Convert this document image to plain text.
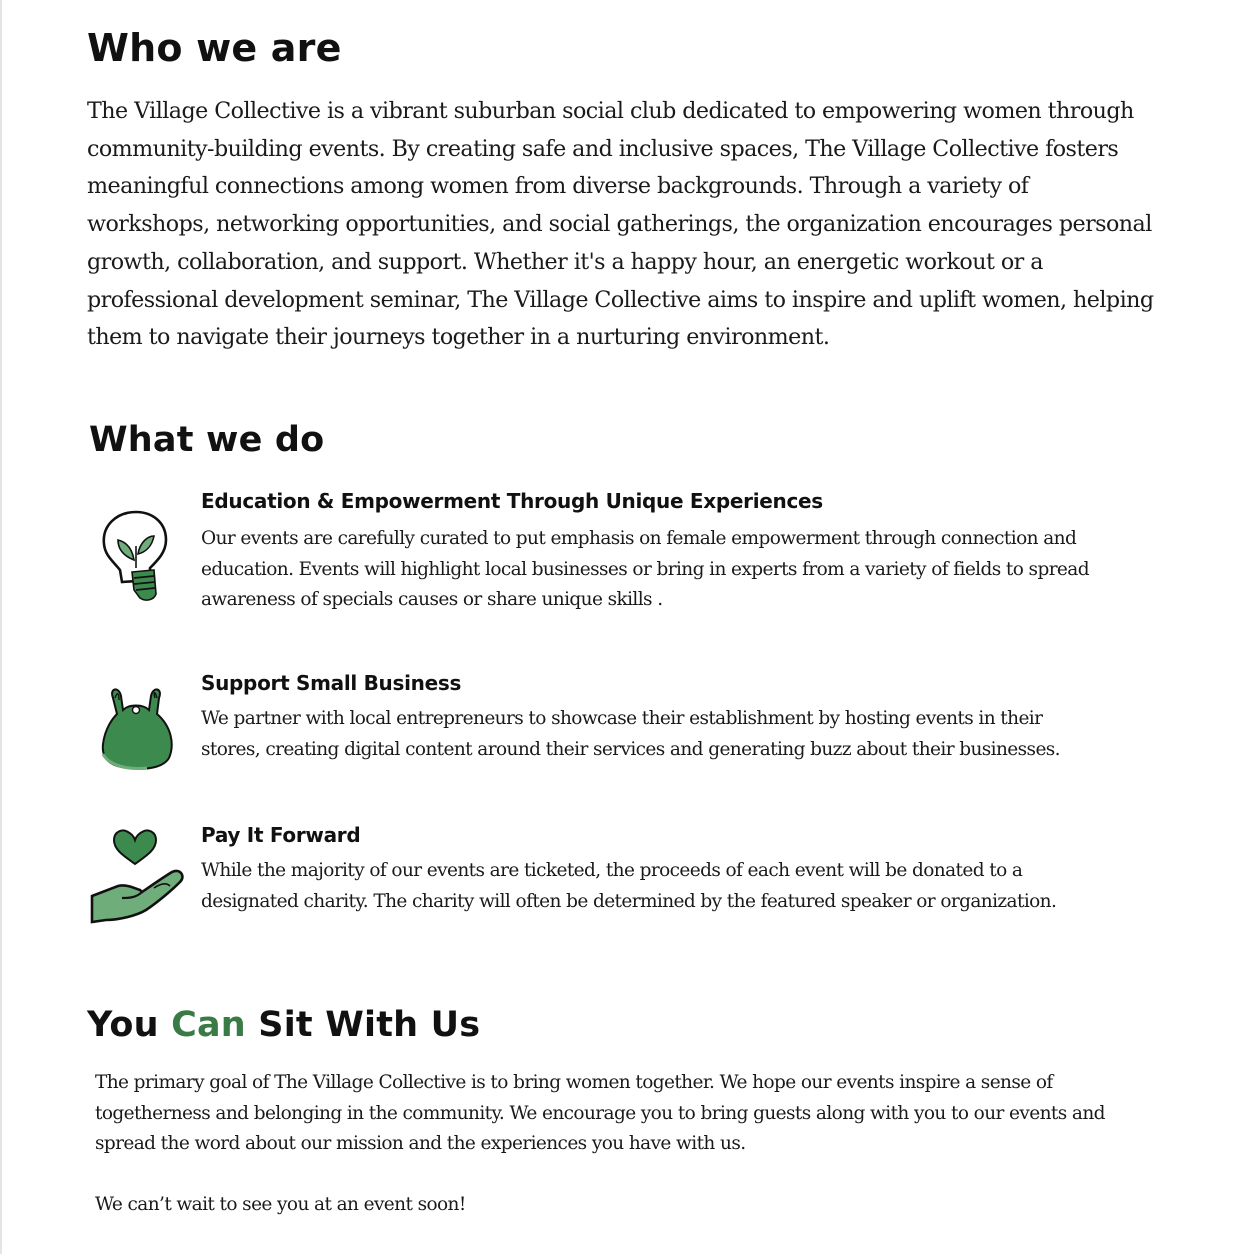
Who we are

The Village Collective is a vibrant suburban social club dedicated to empowering women through community-building events. By creating safe and inclusive spaces, The Village Collective fosters meaningful connections among women from diverse backgrounds. Through a variety of workshops, networking opportunities, and social gatherings, the organization encourages personal growth, collaboration, and support. Whether it's a happy hour, an energetic workout or a professional development seminar, The Village Collective aims to inspire and uplift women, helping them to navigate their journeys together in a nurturing environment.

What we do
Education & Empowerment Through Unique Experiences

Our events are carefully curated to put emphasis on female empowerment through connection and education. Events will highlight local businesses or bring in experts from a variety of fields to spread awareness of specials causes or share unique skills .

Support Small Business

We partner with local entrepreneurs to showcase their establishment by hosting events in their stores, creating digital content around their services and generating buzz about their businesses.

Pay It Forward

While the majority of our events are ticketed, the proceeds of each event will be donated to a designated charity. The charity will often be determined by the featured speaker or organization.

You Can Sit With Us

The primary goal of The Village Collective is to bring women together. We hope our events inspire a sense of togetherness and belonging in the community. We encourage you to bring guests along with you to our events and spread the word about our mission and the experiences you have with us.

We can’t wait to see you at an event soon!
